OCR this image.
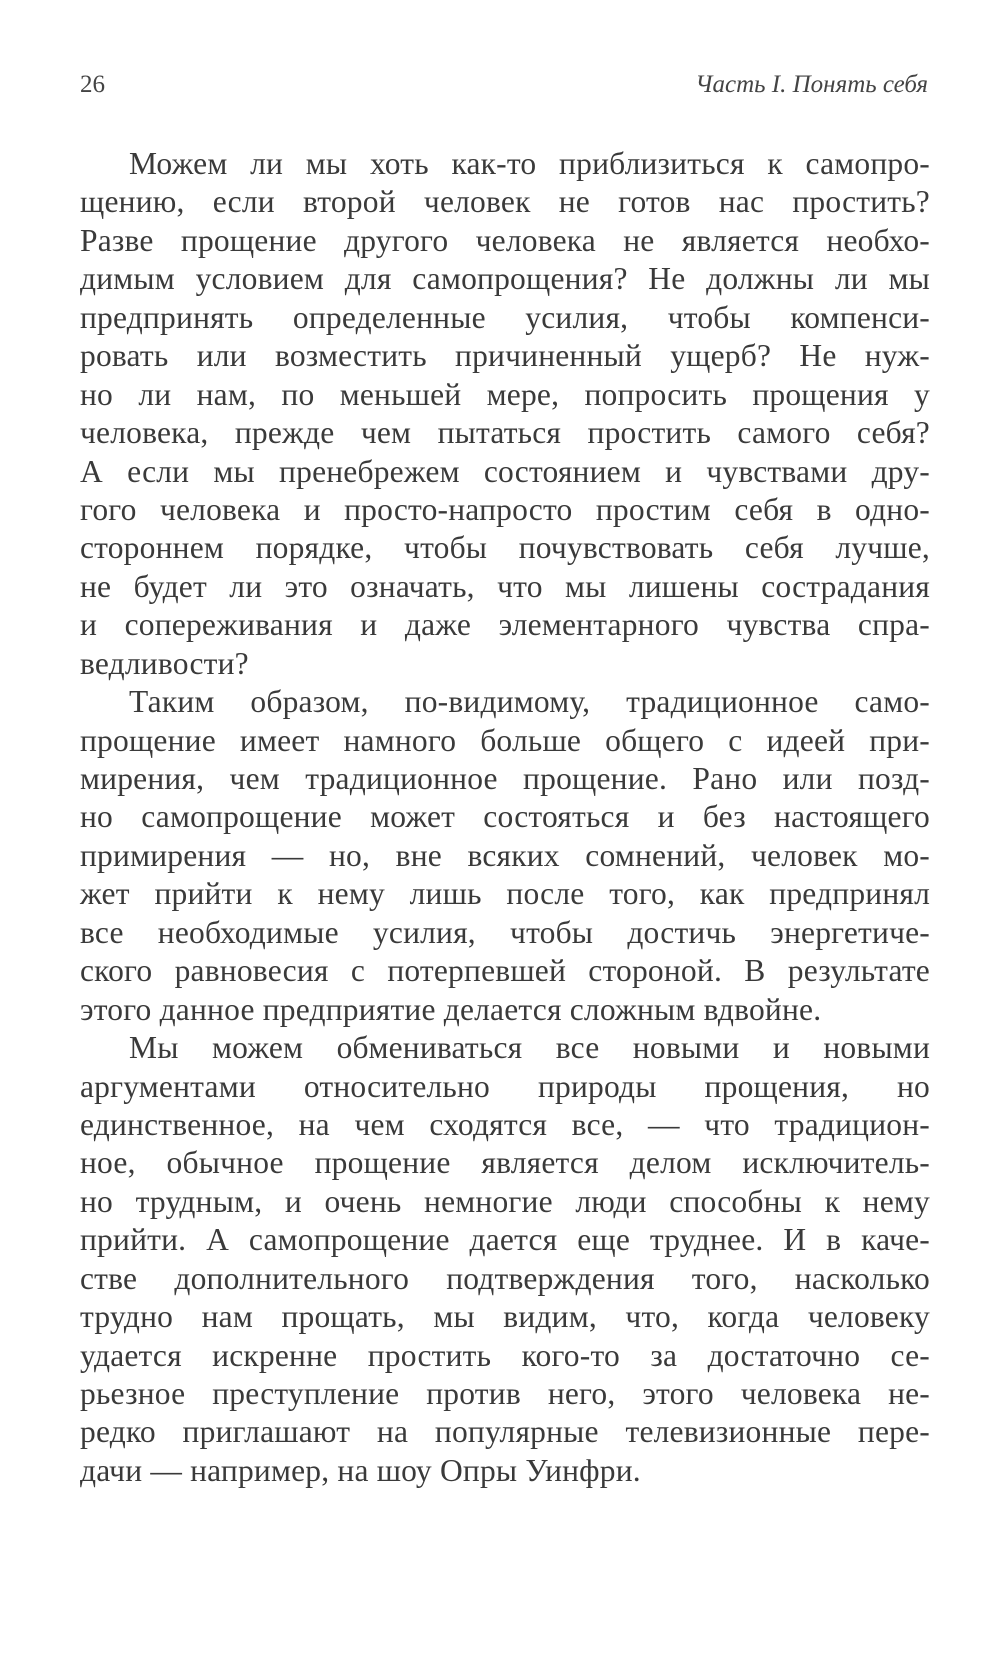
26	Часть I. Понять себя
Можем ли мы хоть как-то приблизиться к самопро-
щению, если второй человек не готов нас простить?
Разве прощение другого человека не является необхо-
димым условием для самопрощения? Не должны ли мы
предпринять определенные усилия, чтобы компенси-
ровать или возместить причиненный ущерб? Не нуж-
но ли нам, по меньшей мере, попросить прощения у
человека, прежде чем пытаться простить самого себя?
А если мы пренебрежем состоянием и чувствами дру-
гого человека и просто-напросто простим себя в одно-
стороннем порядке, чтобы почувствовать себя лучше,
не будет ли это означать, что мы лишены сострадания
и сопереживания и даже элементарного чувства спра-
ведливости?
Таким образом, по-видимому, традиционное само-
прощение имеет намного больше общего с идеей при-
мирения, чем традиционное прощение. Рано или позд-
но самопрощение может состояться и без настоящего
примирения — но, вне всяких сомнений, человек мо-
жет прийти к нему лишь после того, как предпринял
все необходимые усилия, чтобы достичь энергетиче-
ского равновесия с потерпевшей стороной. В результате
этого данное предприятие делается сложным вдвойне.
Мы можем обмениваться все новыми и новыми
аргументами относительно природы прощения, но
единственное, на чем сходятся все, — что традицион-
ное, обычное прощение является делом исключитель-
но трудным, и очень немногие люди способны к нему
прийти. А самопрощение дается еще труднее. И в каче-
стве дополнительного подтверждения того, насколько
трудно нам прощать, мы видим, что, когда человеку
удается искренне простить кого-то за достаточно се-
рьезное преступление против него, этого человека не-
редко приглашают на популярные телевизионные пере-
дачи — например, на шоу Опры Уинфри.
